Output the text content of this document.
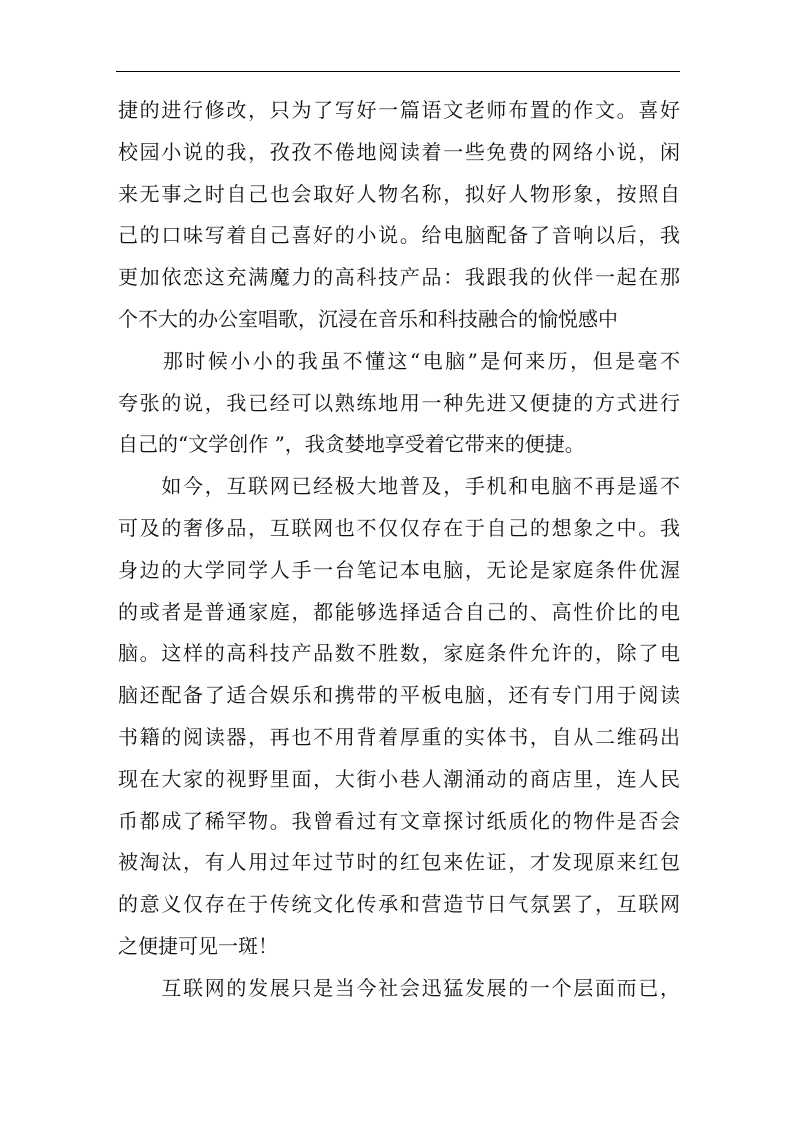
捷的进行修改，只为了写好一篇语文老师布置的作文。喜好
校园小说的我，孜孜不倦地阅读着一些免费的网络小说，闲
来无事之时自己也会取好人物名称，拟好人物形象，按照自
己的口味写着自己喜好的小说。给电脑配备了音响以后，我
更加依恋这充满魔力的高科技产品：我跟我的伙伴一起在那
个不大的办公室唱歌，沉浸在音乐和科技融合的愉悦感中
　　那时候小小的我虽不懂这“电脑”是何来历，但是毫不
夸张的说，我已经可以熟练地用一种先进又便捷的方式进行
自己的“文学创作 ”，我贪婪地享受着它带来的便捷。
　　如今，互联网已经极大地普及，手机和电脑不再是遥不
可及的奢侈品，互联网也不仅仅存在于自己的想象之中。我
身边的大学同学人手一台笔记本电脑，无论是家庭条件优渥
的或者是普通家庭，都能够选择适合自己的、高性价比的电
脑。这样的高科技产品数不胜数，家庭条件允许的，除了电
脑还配备了适合娱乐和携带的平板电脑，还有专门用于阅读
书籍的阅读器，再也不用背着厚重的实体书，自从二维码出
现在大家的视野里面，大街小巷人潮涌动的商店里，连人民
币都成了稀罕物。我曾看过有文章探讨纸质化的物件是否会
被淘汰，有人用过年过节时的红包来佐证，才发现原来红包
的意义仅存在于传统文化传承和营造节日气氛罢了，互联网
之便捷可见一斑！
　　互联网的发展只是当今社会迅猛发展的一个层面而已，
